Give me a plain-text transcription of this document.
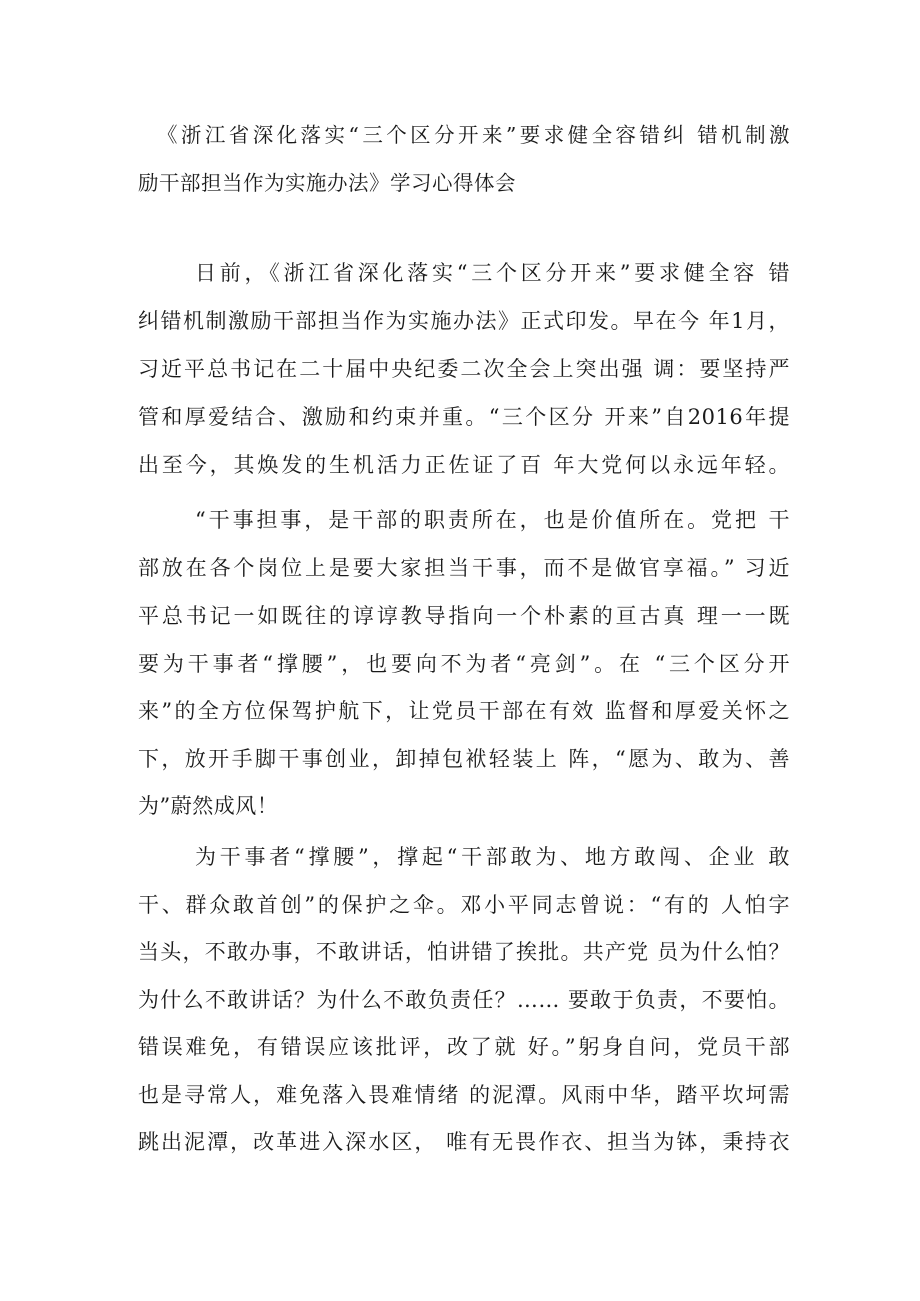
《浙江省深化落实“三个区分开来”要求健全容错纠 错机制激
励干部担当作为实施办法》学习心得体会
日前，《浙江省深化落实“三个区分开来”要求健全容 错
纠错机制激励干部担当作为实施办法》正式印发。早在今 年1月，
习近平总书记在二十届中央纪委二次全会上突出强 调：要坚持严
管和厚爱结合、激励和约束并重。“三个区分 开来”自2016年提
出至今，其焕发的生机活力正佐证了百 年大党何以永远年轻。
“干事担事，是干部的职责所在，也是价值所在。党把 干
部放在各个岗位上是要大家担当干事，而不是做官享福。” 习近
平总书记一如既往的谆谆教导指向一个朴素的亘古真 理一一既
要为干事者“撑腰”，也要向不为者“亮剑”。在 “三个区分开
来”的全方位保驾护航下，让党员干部在有效 监督和厚爱关怀之
下，放开手脚干事创业，卸掉包袱轻装上 阵，“愿为、敢为、善
为”蔚然成风！
为干事者“撑腰”，撑起“干部敢为、地方敢闯、企业 敢
干、群众敢首创”的保护之伞。邓小平同志曾说：“有的 人怕字
当头，不敢办事，不敢讲话，怕讲错了挨批。共产党 员为什么怕？
为什么不敢讲话？为什么不敢负责任？…… 要敢于负责，不要怕。
错误难免，有错误应该批评，改了就 好。”躬身自问，党员干部
也是寻常人，难免落入畏难情绪 的泥潭。风雨中华，踏平坎坷需
跳出泥潭，改革进入深水区， 唯有无畏作衣、担当为钵，秉持衣
